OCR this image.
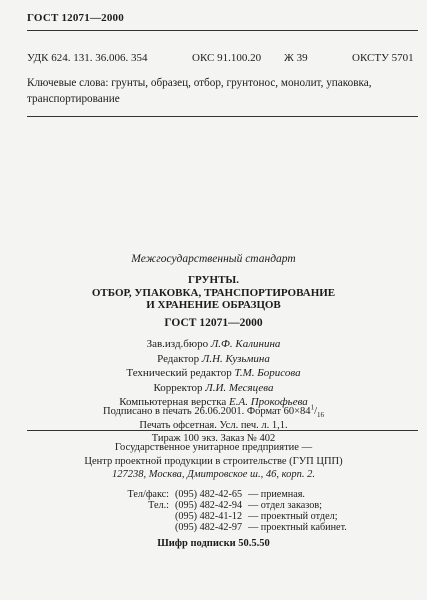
ГОСТ 12071—2000
УДК 624. 131. 36.006. 354	ОКС 91.100.20 Ж 39	ОКСТУ 5701
Ключевые слова: грунты, образец, отбор, грунтонос, монолит, упаковка, транспортирование
Межгосударственный стандарт
ГРУНТЫ.
ОТБОР, УПАКОВКА, ТРАНСПОРТИРОВАНИЕ
И ХРАНЕНИЕ ОБРАЗЦОВ
ГОСТ 12071—2000
Зав.изд.бюро Л.Ф. Калинина
Редактор Л.Н. Кузьмина
Технический редактор Т.М. Борисова
Корректор Л.И. Месяцева
Компьютерная верстка Е.А. Прокофьева
Подписано в печать 26.06.2001. Формат $60\times 84^1/_{16}$
Печать офсетная. Усл. печ. л. 1,1.
Тираж 100 экз. Заказ № 402
Государственное унитарное предприятие —
Центр проектной продукции в строительстве (ГУП ЦПП)
127238, Москва, Дмитровское ш., 46, корп. 2.
Тел/факс:	(095) 482-42-65	— приемная.
Тел.:	(095) 482-42-94	— отдел заказов;
	(095) 482-41-12	— проектный отдел;
	(095) 482-42-97	— проектный кабинет.
Шифр подписки 50.5.50
